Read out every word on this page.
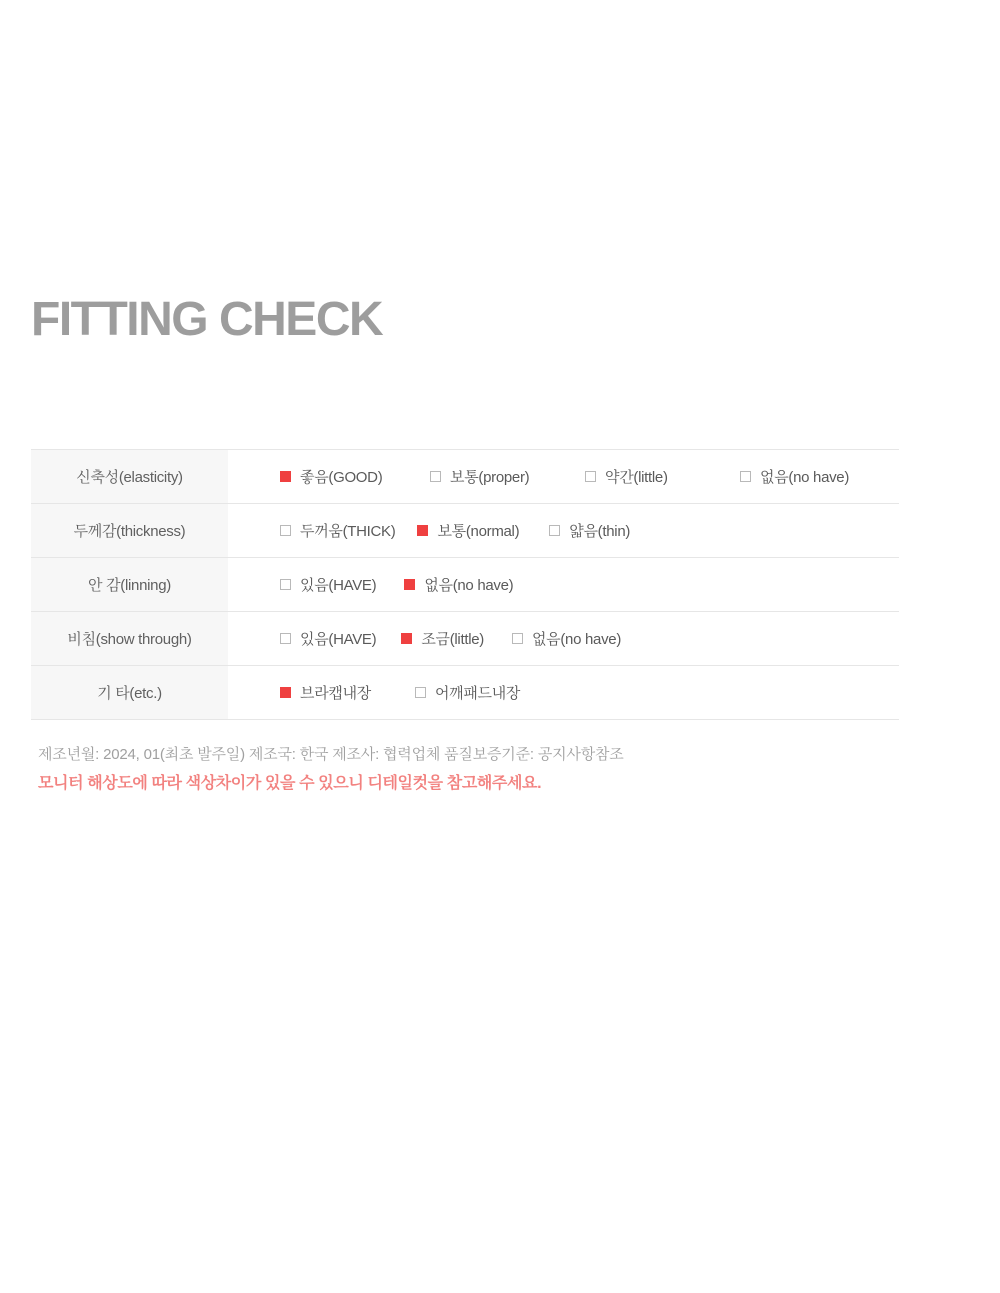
FITTING CHECK
신축성(elasticity)	좋음(GOOD)	보통(proper)	약간(little)	없음(no have)
두께감(thickness)	두꺼움(THICK)	보통(normal)	얇음(thin)
안 감(linning)	있음(HAVE)	없음(no have)
비침(show through)	있음(HAVE)	조금(little)	없음(no have)
기 타(etc.)	브라캡내장	어깨패드내장
제조년월: 2024, 01(최초 발주일) 제조국: 한국 제조사: 협력업체 품질보증기준: 공지사항참조
모니터 해상도에 따라 색상차이가 있을 수 있으니 디테일컷을 참고해주세요.
